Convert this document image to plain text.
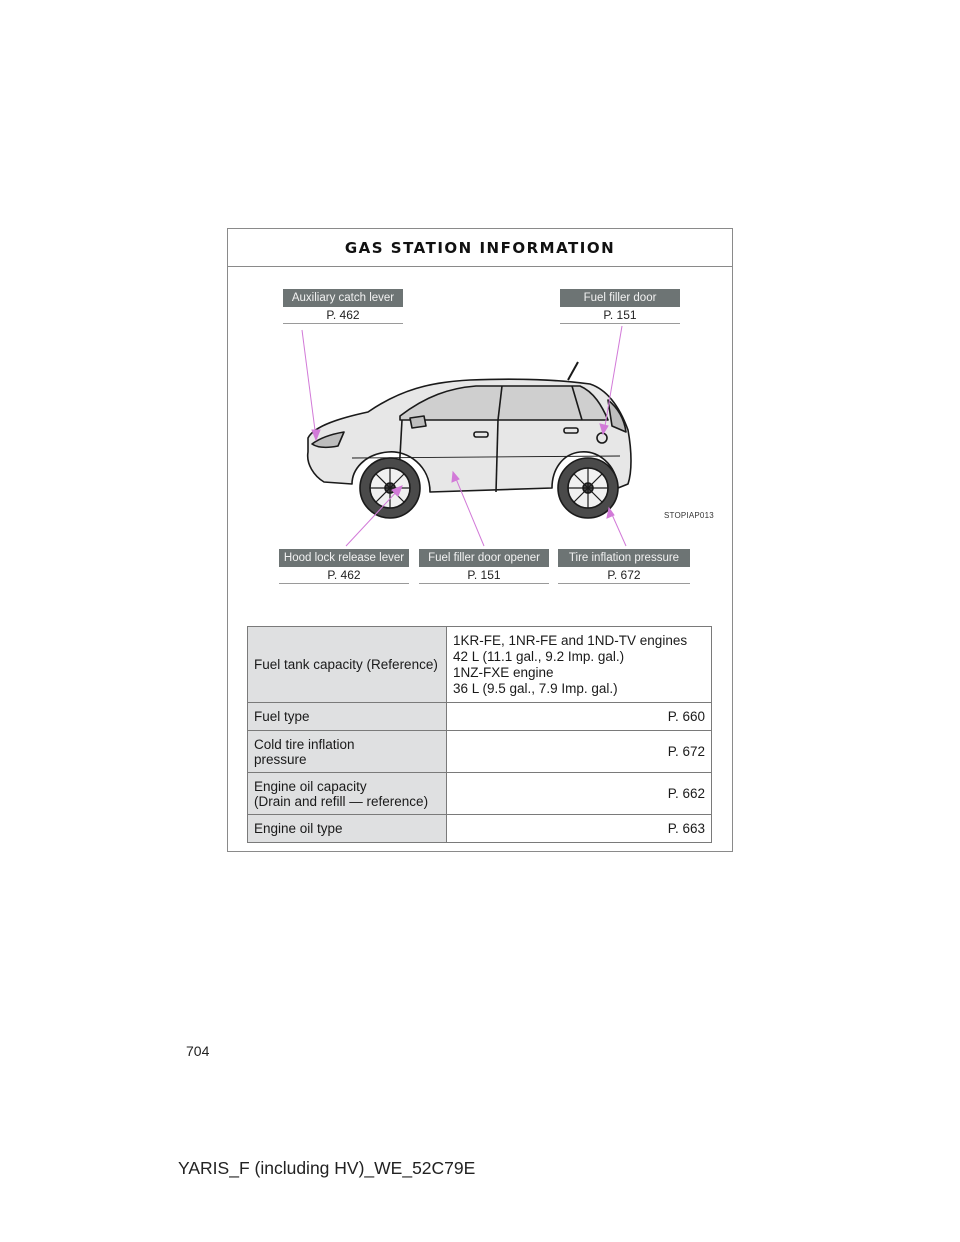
GAS STATION INFORMATION
Auxiliary catch lever
P. 462
Fuel filler door
P. 151
Hood lock release lever
P. 462
Fuel filler door opener
P. 151
Tire inflation pressure
P. 672
STOPIAP013
Fuel tank capacity (Reference)	1KR-FE, 1NR-FE and 1ND-TV engines
42 L (11.1 gal., 9.2 Imp. gal.)
1NZ-FXE engine
36 L (9.5 gal., 7.9 Imp. gal.)

Fuel type	P. 660

Cold tire inflation
pressure	P. 672

Engine oil capacity
(Drain and refill — reference)	P. 662
Engine oil type	P. 663
704
YARIS_F (including HV)_WE_52C79E
